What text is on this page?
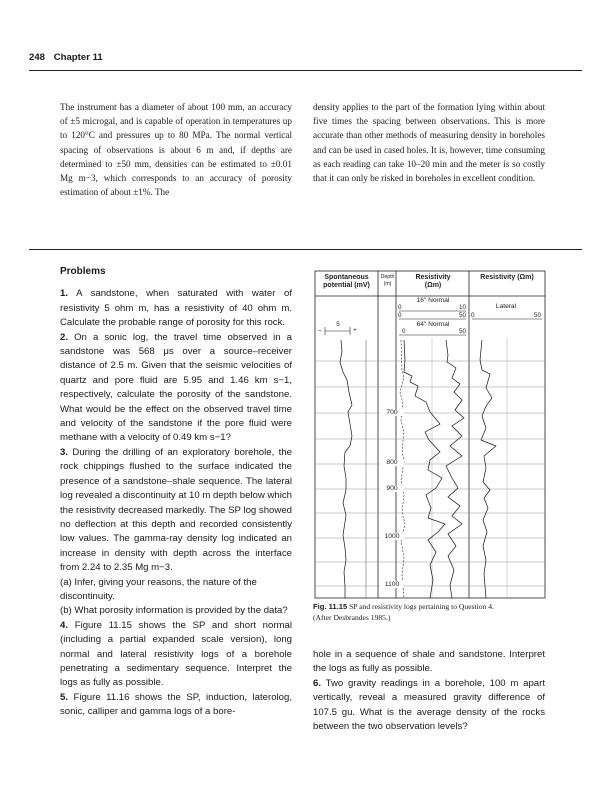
248 Chapter 11

The instrument has a diameter of about 100 mm, an accuracy of ±5 microgal, and is capable of operation in temperatures up to 120°C and pressures up to 80 MPa. The normal vertical spacing of observations is about 6 m and, if depths are determined to ±50 mm, densities can be estimated to ±0.01 Mg m−3, which corresponds to an accuracy of porosity estimation of about ±1%. The

density applies to the part of the formation lying within about five times the spacing between observations. This is more accurate than other methods of measuring density in boreholes and can be used in cased holes. It is, however, time consuming as each reading can take 10–20 min and the meter is so costly that it can only be risked in boreholes in excellent condition.

Problems

1. A sandstone, when saturated with water of resistivity 5 ohm m, has a resistivity of 40 ohm m. Calculate the probable range of porosity for this rock.

2. On a sonic log, the travel time observed in a sandstone was 568 μs over a source–receiver distance of 2.5 m. Given that the seismic velocities of quartz and pore fluid are 5.95 and 1.46 km s−1, respectively, calculate the porosity of the sandstone. What would be the effect on the observed travel time and velocity of the sandstone if the pore fluid were methane with a velocity of 0.49 km s−1?

3. During the drilling of an exploratory borehole, the rock chippings flushed to the surface indicated the presence of a sandstone–shale sequence. The lateral log revealed a discontinuity at 10 m depth below which the resistivity decreased markedly. The SP log showed no deflection at this depth and recorded consistently low values. The gamma-ray density log indicated an increase in density with depth across the interface from 2.24 to 2.35 Mg m−3.

(a) Infer, giving your reasons, the nature of the discontinuity.

(b) What porosity information is provided by the data?

4. Figure 11.15 shows the SP and short normal (including a partial expanded scale version), long normal and lateral resistivity logs of a borehole penetrating a sedimentary sequence. Interpret the logs as fully as possible.

5. Figure 11.16 shows the SP, induction, laterolog, sonic, calliper and gamma logs of a bore-

Spontaneous potential (mV)
Depth (m)
Resistivity (Ωm)
Resistivity (Ωm)
16" Normal
0	10
0	50
64" Normal
0	50
Lateral
0	50
5
–	+
700
800
900
1000
1100
Fig. 11.15 SP and resistivity logs pertaining to Question 4.
(After Desbrandes 1985.)

hole in a sequence of shale and sandstone. Interpret the logs as fully as possible.

6. Two gravity readings in a borehole, 100 m apart vertically, reveal a measured gravity difference of 107.5 gu. What is the average density of the rocks between the two observation levels?
